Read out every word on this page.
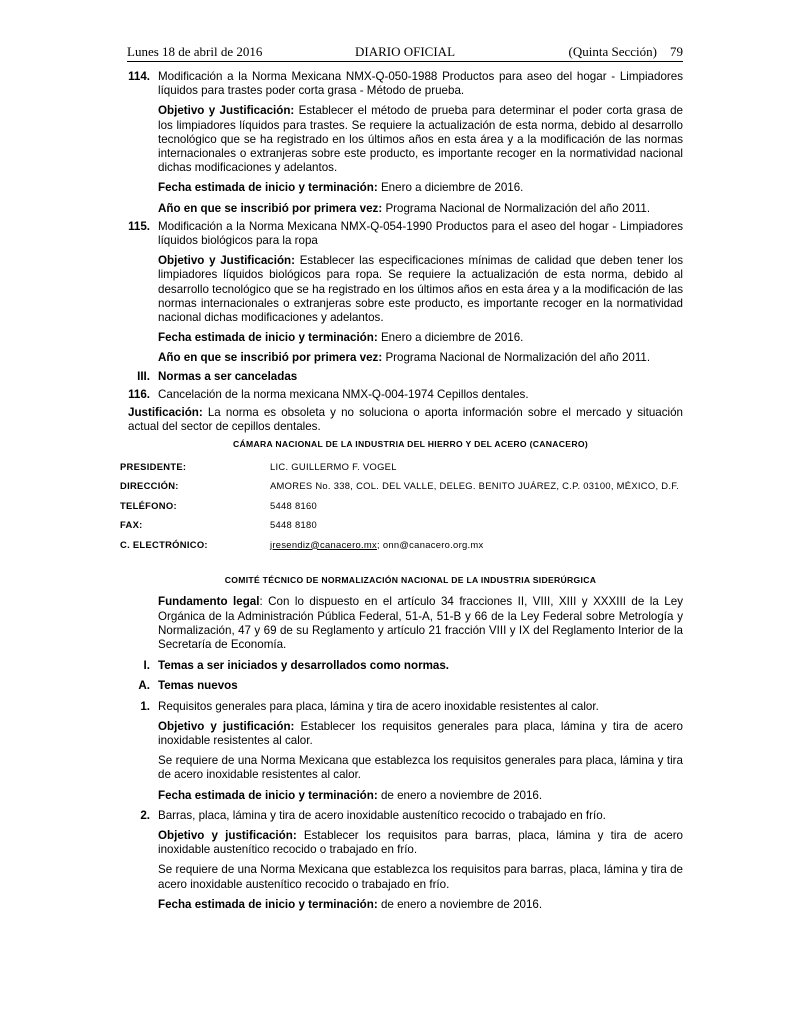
Lunes 18 de abril de 2016	DIARIO OFICIAL	(Quinta Sección) 79
114. Modificación a la Norma Mexicana NMX-Q-050-1988 Productos para aseo del hogar - Limpiadores líquidos para trastes poder corta grasa - Método de prueba.
Objetivo y Justificación: Establecer el método de prueba para determinar el poder corta grasa de los limpiadores líquidos para trastes. Se requiere la actualización de esta norma, debido al desarrollo tecnológico que se ha registrado en los últimos años en esta área y a la modificación de las normas internacionales o extranjeras sobre este producto, es importante recoger en la normatividad nacional dichas modificaciones y adelantos.
Fecha estimada de inicio y terminación: Enero a diciembre de 2016.
Año en que se inscribió por primera vez: Programa Nacional de Normalización del año 2011.
115. Modificación a la Norma Mexicana NMX-Q-054-1990 Productos para el aseo del hogar - Limpiadores líquidos biológicos para la ropa
Objetivo y Justificación: Establecer las especificaciones mínimas de calidad que deben tener los limpiadores líquidos biológicos para ropa. Se requiere la actualización de esta norma, debido al desarrollo tecnológico que se ha registrado en los últimos años en esta área y a la modificación de las normas internacionales o extranjeras sobre este producto, es importante recoger en la normatividad nacional dichas modificaciones y adelantos.
Fecha estimada de inicio y terminación: Enero a diciembre de 2016.
Año en que se inscribió por primera vez: Programa Nacional de Normalización del año 2011.
III. Normas a ser canceladas
116. Cancelación de la norma mexicana NMX-Q-004-1974 Cepillos dentales.
Justificación: La norma es obsoleta y no soluciona o aporta información sobre el mercado y situación actual del sector de cepillos dentales.
CÁMARA NACIONAL DE LA INDUSTRIA DEL HIERRO Y DEL ACERO (CANACERO)
PRESIDENTE:	LIC. GUILLERMO F. VOGEL
DIRECCIÓN:	AMORES No. 338, COL. DEL VALLE, DELEG. BENITO JUÁREZ, C.P. 03100, MÉXICO, D.F.
TELÉFONO:	5448 8160
FAX:	5448 8180
C. ELECTRÓNICO:	jresendiz@canacero.mx; onn@canacero.org.mx
COMITÉ TÉCNICO DE NORMALIZACIÓN NACIONAL DE LA INDUSTRIA SIDERÚRGICA
Fundamento legal: Con lo dispuesto en el artículo 34 fracciones II, VIII, XIII y XXXIII de la Ley Orgánica de la Administración Pública Federal, 51-A, 51-B y 66 de la Ley Federal sobre Metrología y Normalización, 47 y 69 de su Reglamento y artículo 21 fracción VIII y IX del Reglamento Interior de la Secretaría de Economía.
I. Temas a ser iniciados y desarrollados como normas.
A. Temas nuevos
1. Requisitos generales para placa, lámina y tira de acero inoxidable resistentes al calor.
Objetivo y justificación: Establecer los requisitos generales para placa, lámina y tira de acero inoxidable resistentes al calor.
Se requiere de una Norma Mexicana que establezca los requisitos generales para placa, lámina y tira de acero inoxidable resistentes al calor.
Fecha estimada de inicio y terminación: de enero a noviembre de 2016.
2. Barras, placa, lámina y tira de acero inoxidable austenítico recocido o trabajado en frío.
Objetivo y justificación: Establecer los requisitos para barras, placa, lámina y tira de acero inoxidable austenítico recocido o trabajado en frío.
Se requiere de una Norma Mexicana que establezca los requisitos para barras, placa, lámina y tira de acero inoxidable austenítico recocido o trabajado en frío.
Fecha estimada de inicio y terminación: de enero a noviembre de 2016.
